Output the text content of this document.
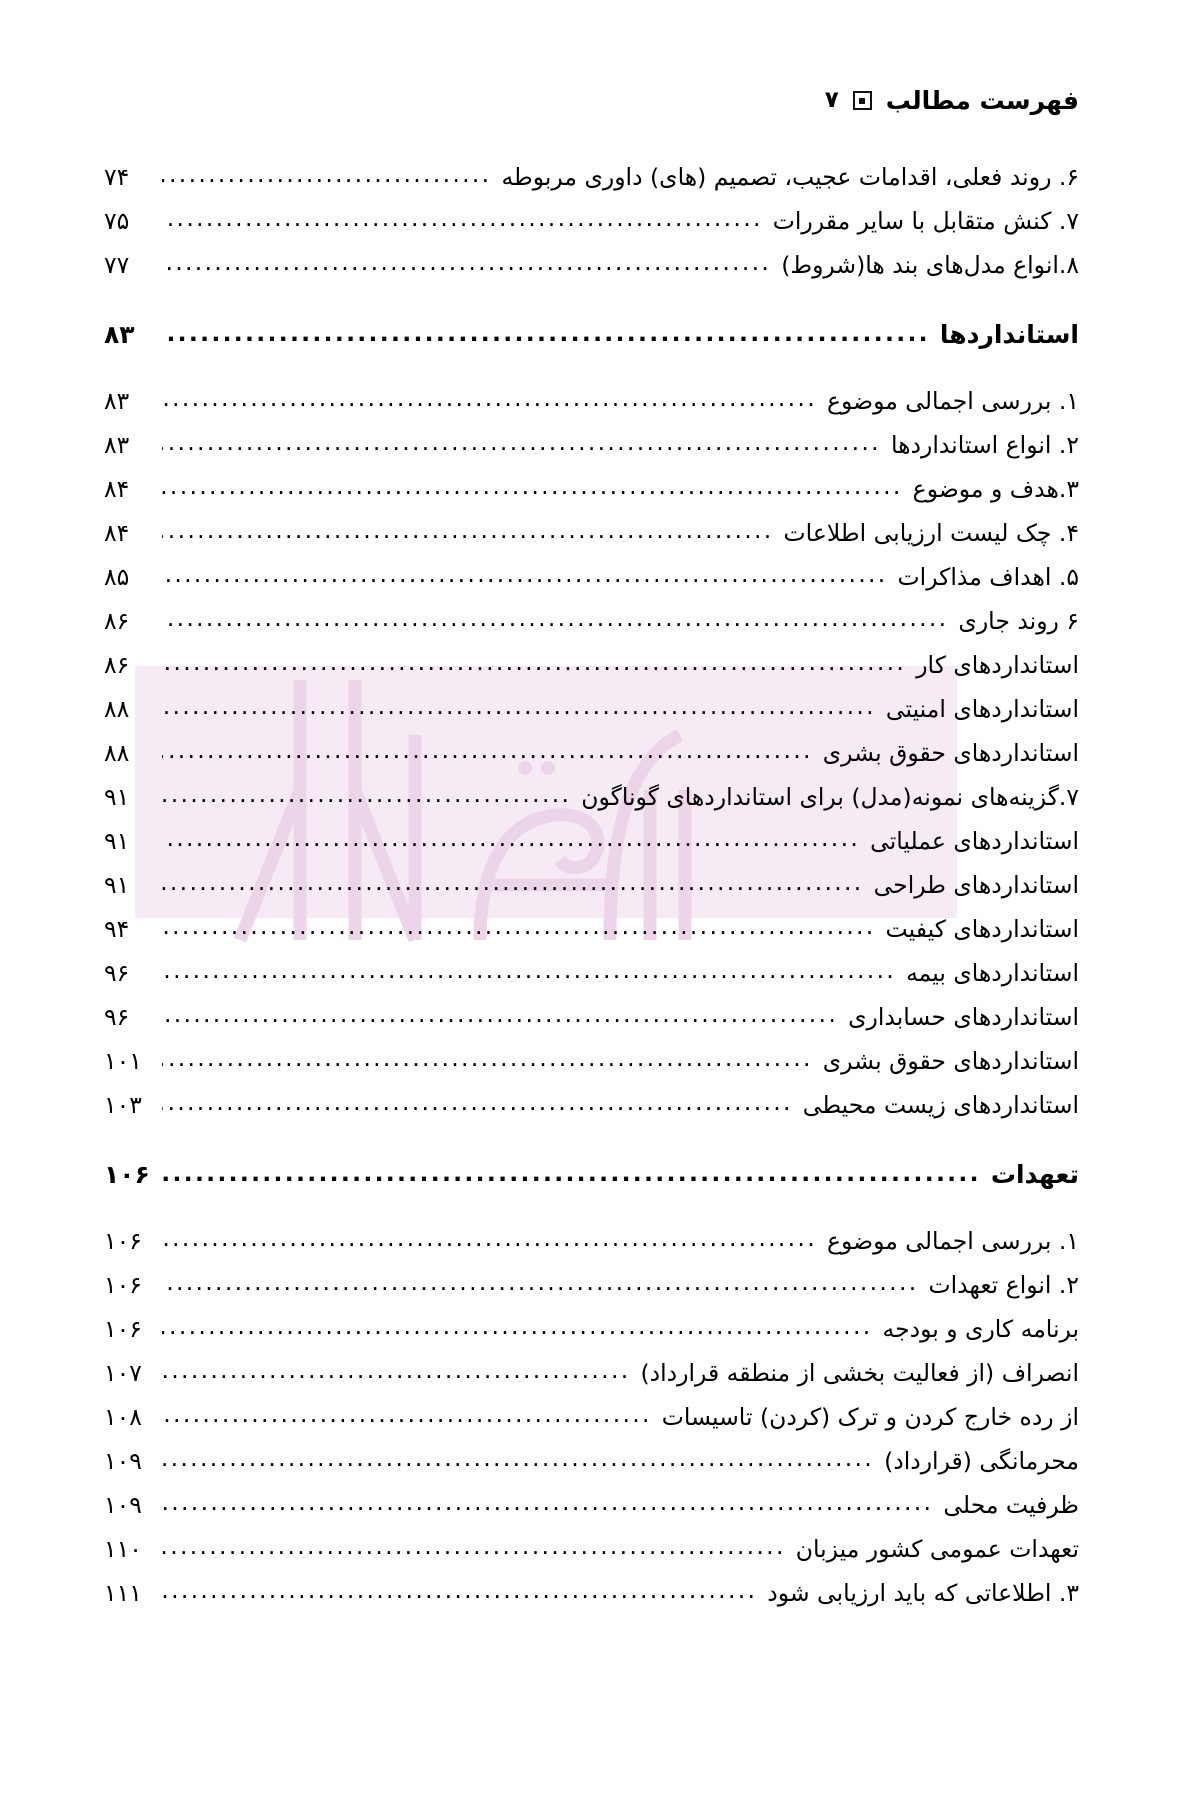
فهرست مطالب
۷
۶. روند فعلی، اقدامات عجیب، تصمیم (های) داوری مربوطه
.....
۷۴
۷. کنش متقابل با سایر مقررات
.....
۷۵
۸.انواع مدل‌های بند ها(شروط)
.....
۷۷
استانداردها
.....
۸۳
۱. بررسی اجمالی موضوع
.....
۸۳
۲. انواع استانداردها
.....
۸۳
۳.هدف و موضوع
.....
۸۴
۴. چک لیست ارزیابی اطلاعات
.....
۸۴
۵. اهداف مذاکرات
.....
۸۵
۶ روند جاری
.....
۸۶
استانداردهای کار
.....
۸۶
استانداردهای امنیتی
.....
۸۸
استانداردهای حقوق بشری
.....
۸۸
۷.گزینه‌های نمونه(مدل) برای استانداردهای گوناگون
.....
۹۱
استانداردهای عملیاتی
.....
۹۱
استانداردهای طراحی
.....
۹۱
استانداردهای کیفیت
.....
۹۴
استانداردهای بیمه
.....
۹۶
استانداردهای حسابداری
.....
۹۶
استانداردهای حقوق بشری
.....
۱۰۱
استانداردهای زیست محیطی
.....
۱۰۳
تعهدات
.....
۱۰۶
۱. بررسی اجمالی موضوع
.....
۱۰۶
۲. انواع تعهدات
.....
۱۰۶
برنامه کاری و بودجه
.....
۱۰۶
انصراف (از فعالیت بخشی از منطقه قرارداد)
.....
۱۰۷
از رده خارج کردن و ترک (کردن) تاسیسات
.....
۱۰۸
محرمانگی (قرارداد)
.....
۱۰۹
ظرفیت محلی
.....
۱۰۹
تعهدات عمومی کشور میزبان
.....
۱۱۰
۳. اطلاعاتی که باید ارزیابی شود
.....
۱۱۱
